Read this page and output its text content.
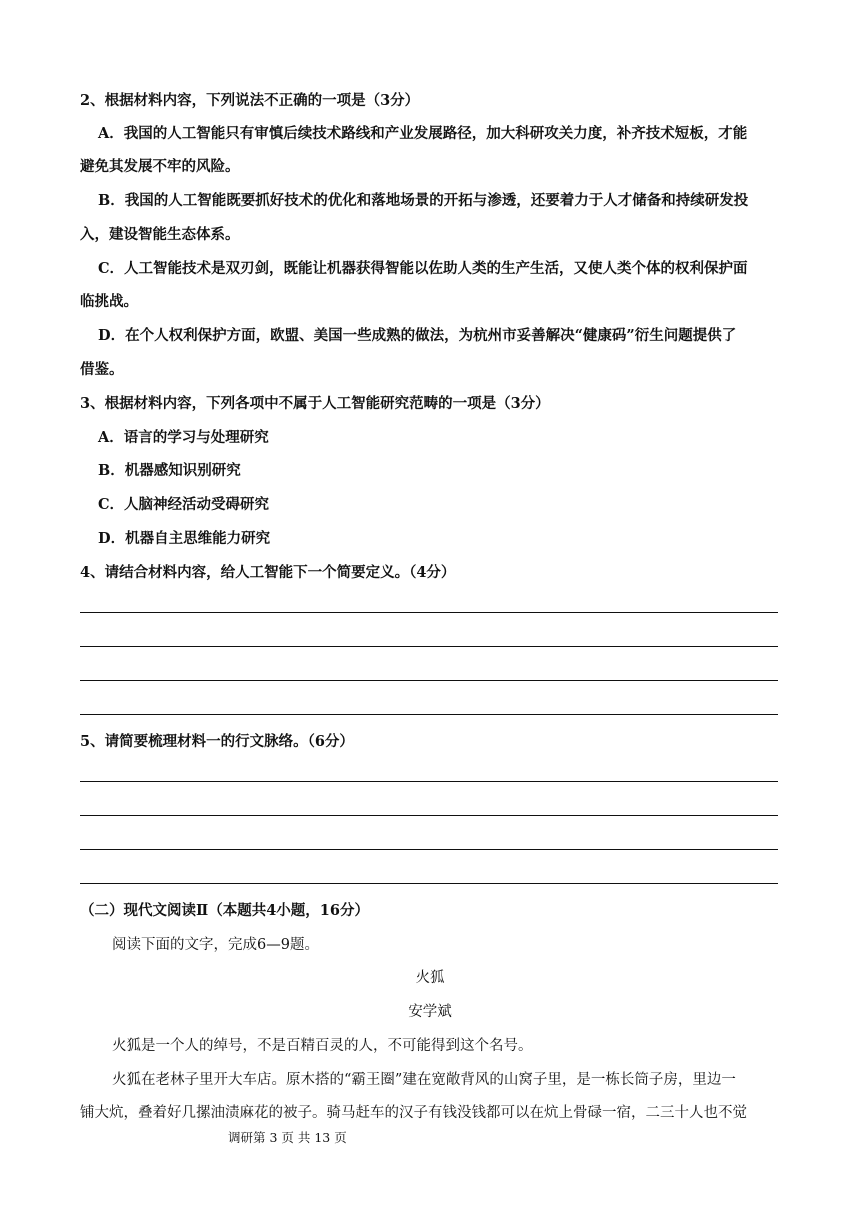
2、根据材料内容，下列说法不正确的一项是（3分）
A．我国的人工智能只有审慎后续技术路线和产业发展路径，加大科研攻关力度，补齐技术短板，才能
避免其发展不牢的风险。
B．我国的人工智能既要抓好技术的优化和落地场景的开拓与渗透，还要着力于人才储备和持续研发投
入，建设智能生态体系。
C．人工智能技术是双刃剑，既能让机器获得智能以佐助人类的生产生活，又使人类个体的权利保护面
临挑战。
D．在个人权利保护方面，欧盟、美国一些成熟的做法，为杭州市妥善解决“健康码”衍生问题提供了
借鉴。
3、根据材料内容，下列各项中不属于人工智能研究范畴的一项是（3分）
A．语言的学习与处理研究
B．机器感知识别研究
C．人脑神经活动受碍研究
D．机器自主思维能力研究
4、请结合材料内容，给人工智能下一个简要定义。（4分）
5、请简要梳理材料一的行文脉络。（6分）
（二）现代文阅读Ⅱ（本题共4小题，16分）
阅读下面的文字，完成6—9题。
火狐
安学斌
火狐是一个人的绰号，不是百精百灵的人，不可能得到这个名号。
火狐在老林子里开大车店。原木搭的“霸王圈”建在宽敞背风的山窝子里，是一栋长筒子房，里边一
铺大炕，叠着好几摞油渍麻花的被子。骑马赶车的汉子有钱没钱都可以在炕上骨碌一宿，二三十人也不觉
调研第 3 页 共 13 页
